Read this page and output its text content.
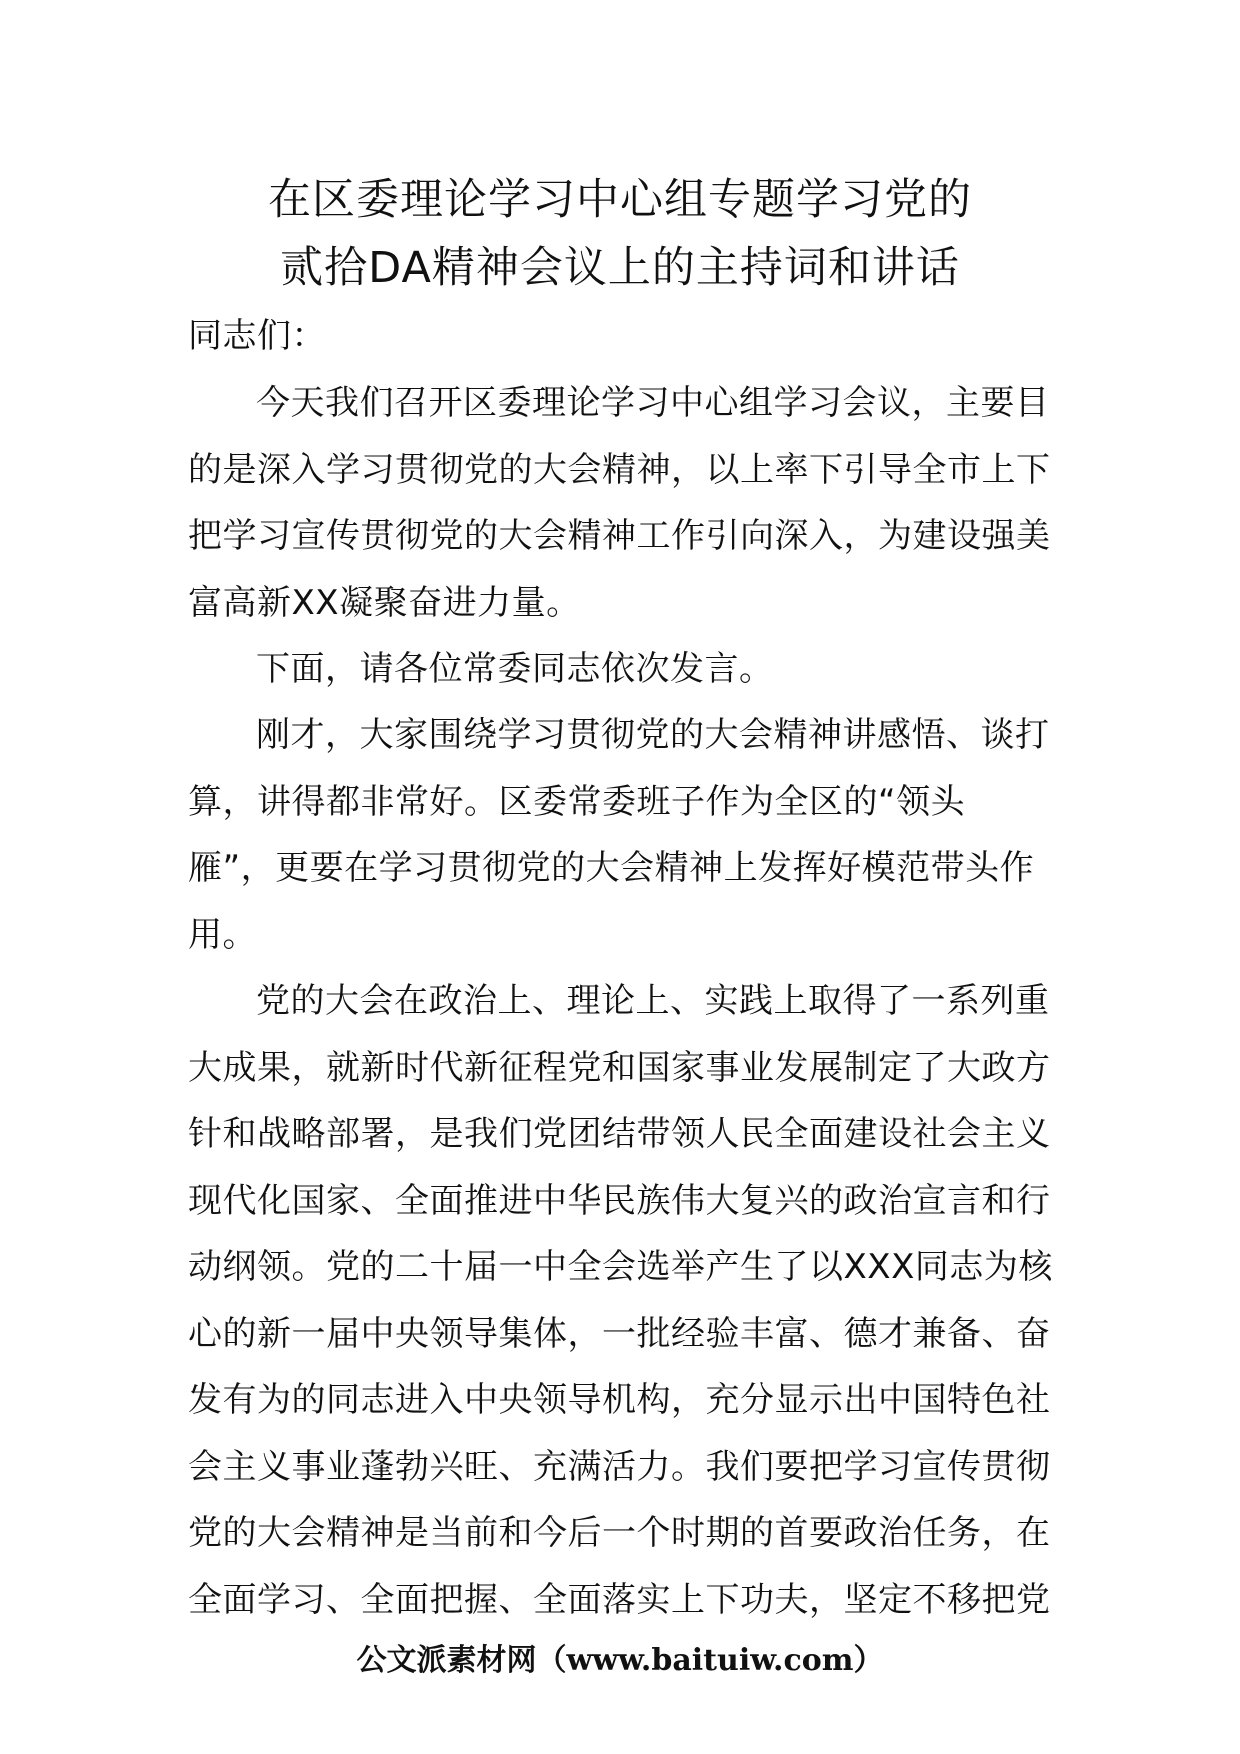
在区委理论学习中心组专题学习党的
贰拾DA精神会议上的主持词和讲话

同志们：

今天我们召开区委理论学习中心组学习会议，主要目
的是深入学习贯彻党的大会精神，以上率下引导全市上下
把学习宣传贯彻党的大会精神工作引向深入，为建设强美
富高新XX凝聚奋进力量。
下面，请各位常委同志依次发言。
刚才，大家围绕学习贯彻党的大会精神讲感悟、谈打
算，讲得都非常好。区委常委班子作为全区的“领头
雁”，更要在学习贯彻党的大会精神上发挥好模范带头作
用。
党的大会在政治上、理论上、实践上取得了一系列重
大成果，就新时代新征程党和国家事业发展制定了大政方
针和战略部署，是我们党团结带领人民全面建设社会主义
现代化国家、全面推进中华民族伟大复兴的政治宣言和行
动纲领。党的二十届一中全会选举产生了以XXX同志为核
心的新一届中央领导集体，一批经验丰富、德才兼备、奋
发有为的同志进入中央领导机构，充分显示出中国特色社
会主义事业蓬勃兴旺、充满活力。我们要把学习宣传贯彻
党的大会精神是当前和今后一个时期的首要政治任务，在
全面学习、全面把握、全面落实上下功夫，坚定不移把党

公文派素材网（www.baituiw.com）
